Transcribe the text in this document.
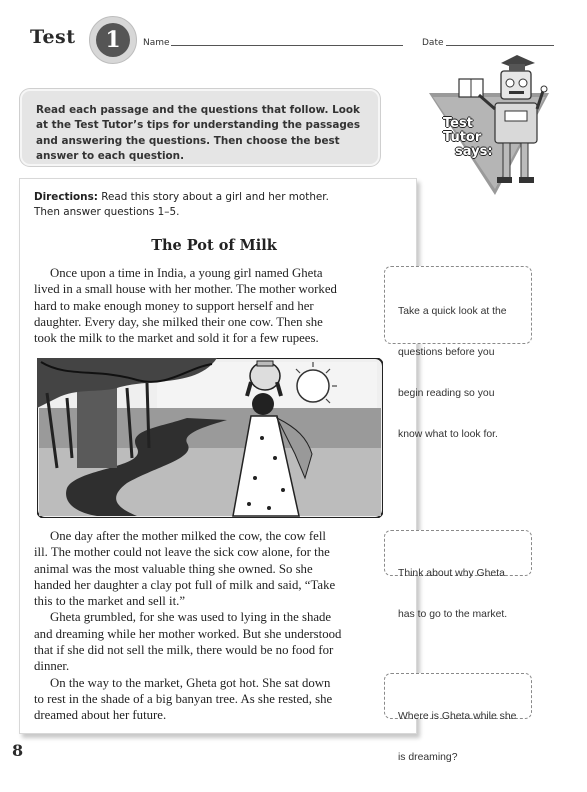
Test	1	Name	Date
Read each passage and the questions that follow. Look at the Test Tutor’s tips for understanding the passages and answering the questions. Then choose the best answer to each question.
Test
Tutor
says:
Directions: Read this story about a girl and her mother.
Then answer questions 1–5.
The Pot of Milk

Once upon a time in India, a young girl named Gheta

lived in a small house with her mother. The mother worked

hard to make enough money to support herself and her

daughter. Every day, she milked their one cow. Then she

took the milk to the market and sold it for a few rupees.

One day after the mother milked the cow, the cow fell

ill. The mother could not leave the sick cow alone, for the

animal was the most valuable thing she owned. So she

handed her daughter a clay pot full of milk and said, “Take

this to the market and sell it.”

Gheta grumbled, for she was used to lying in the shade

and dreaming while her mother worked. But she understood

that if she did not sell the milk, there would be no food for

dinner.

On the way to the market, Gheta got hot. She sat down

to rest in the shade of a big banyan tree. As she rested, she

dreamed about her future.

Take a quick look at the

questions before you

begin reading so you

know what to look for.

Think about why Gheta

has to go to the market.

Where is Gheta while she

is dreaming?

8
